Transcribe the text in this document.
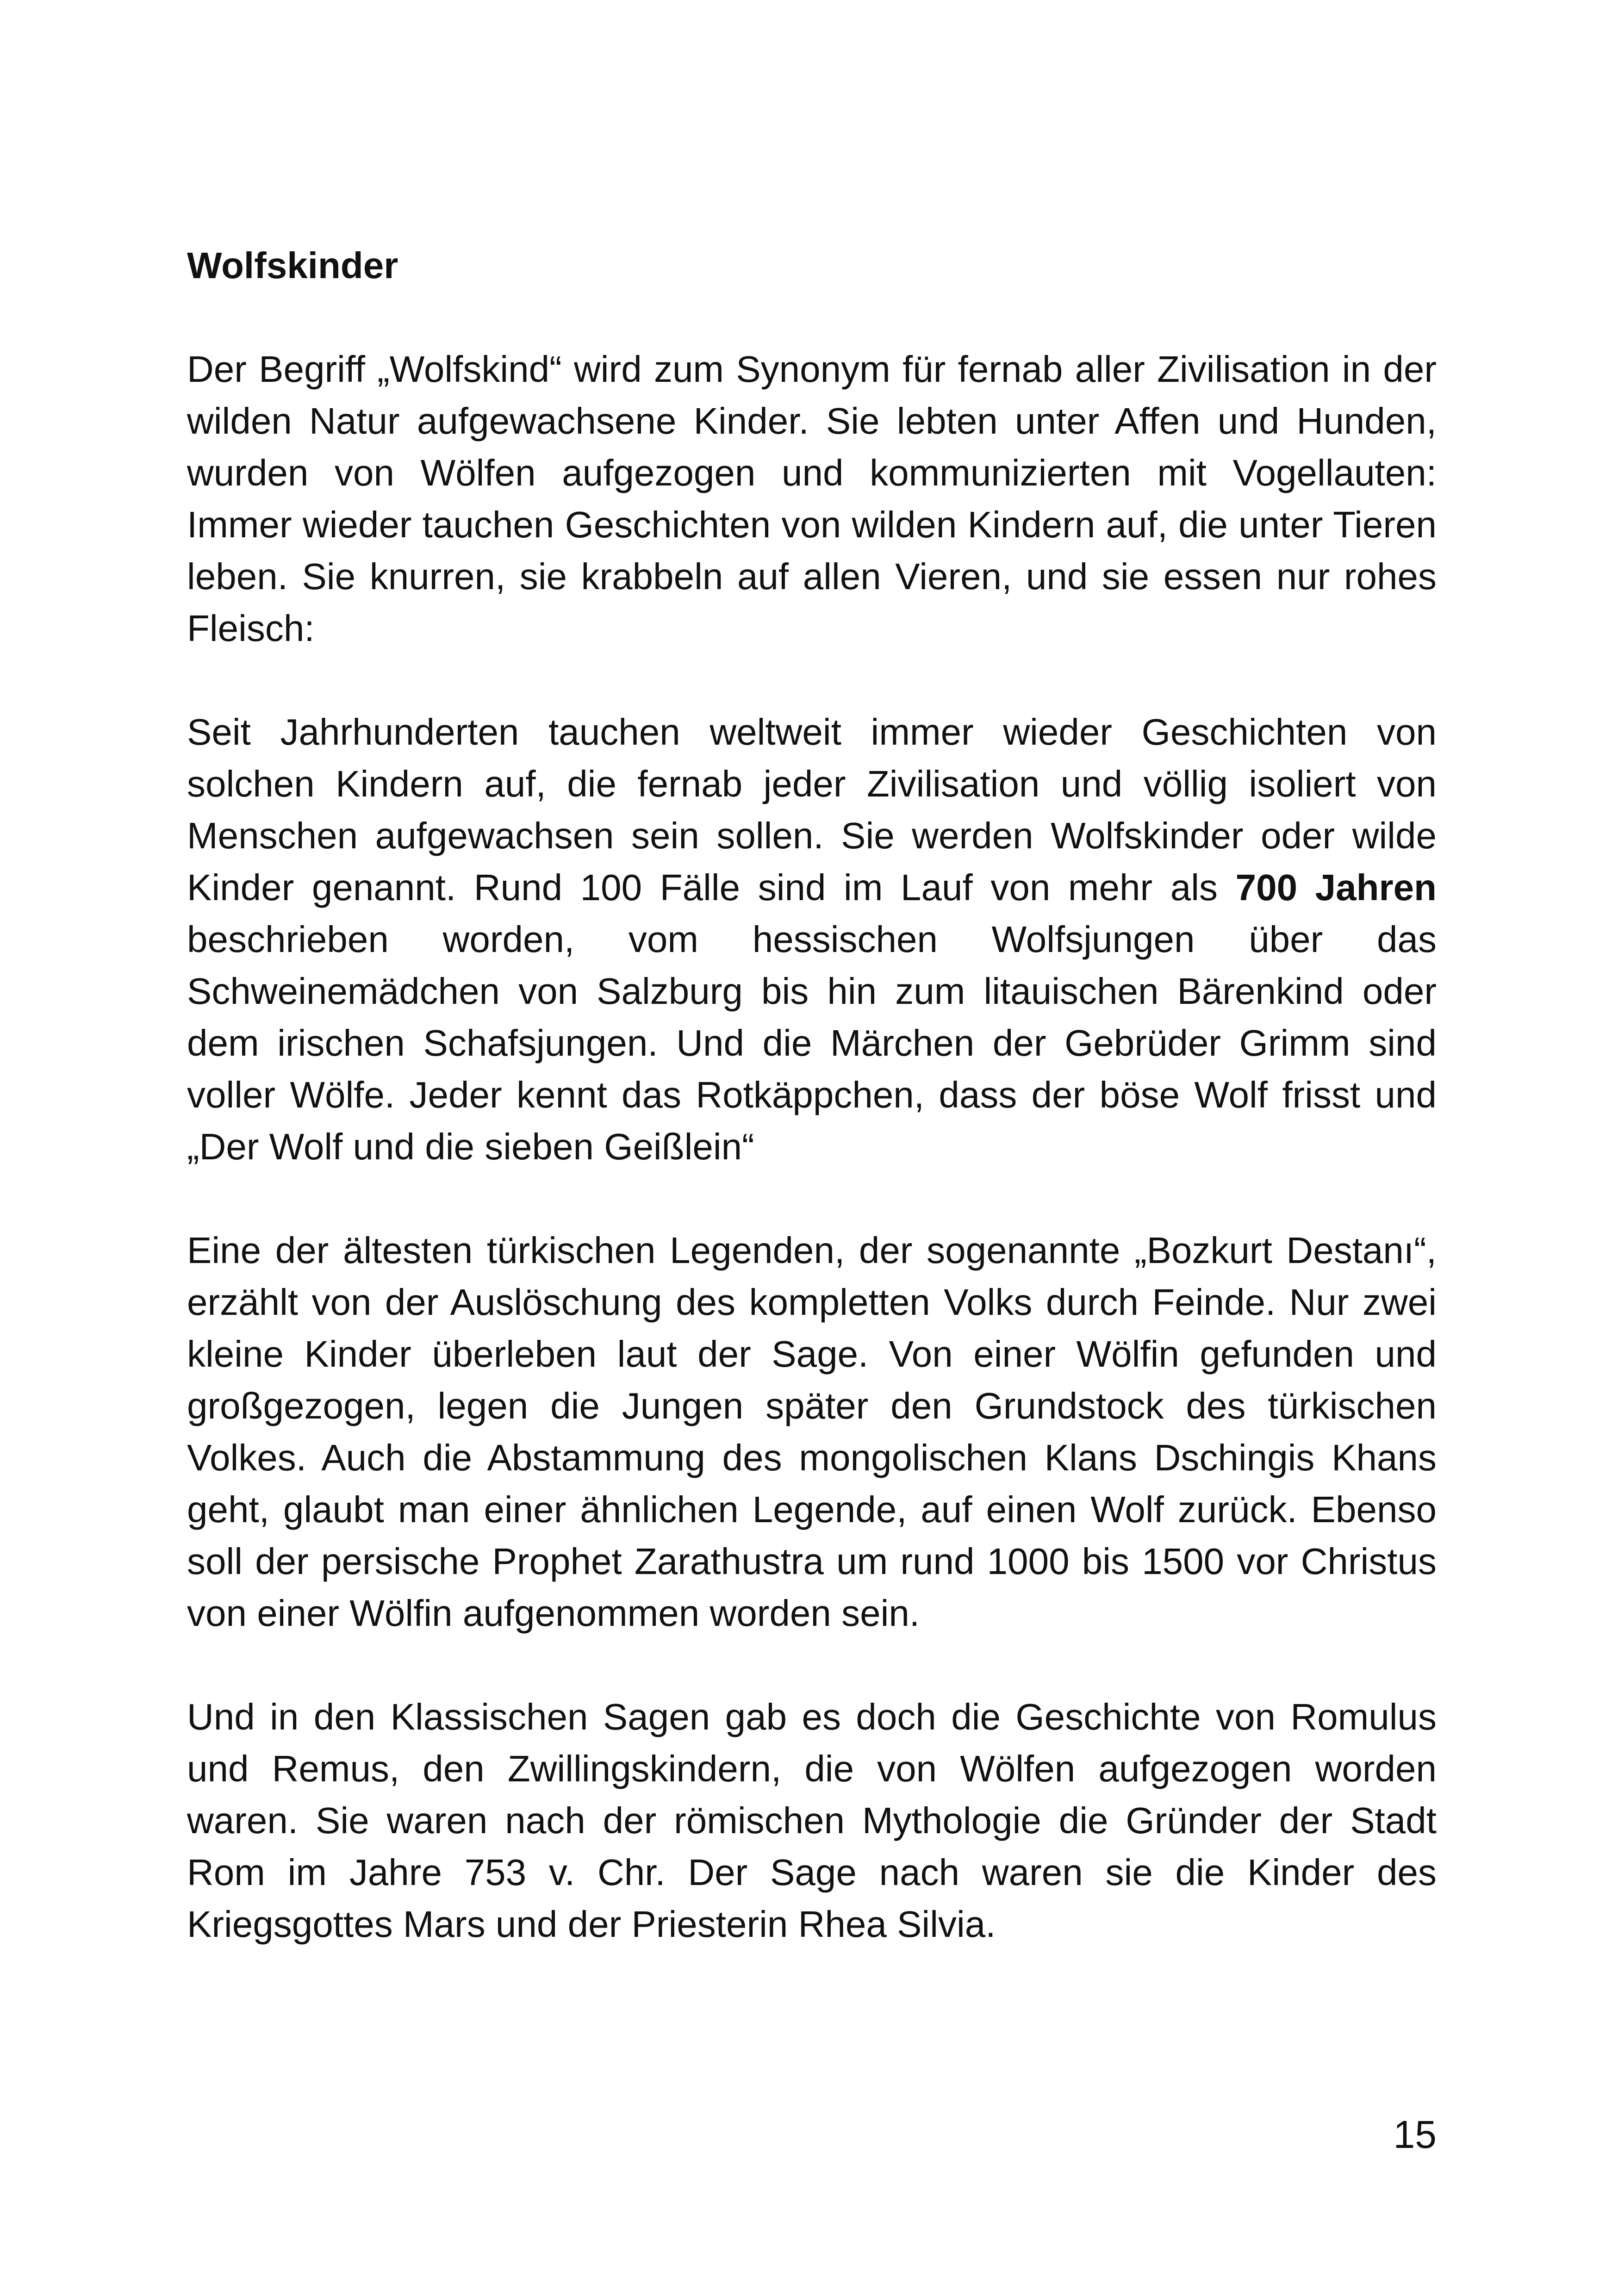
Wolfskinder

Der Begriff „Wolfskind“ wird zum Synonym für fernab aller Zivilisation in der wilden Natur aufgewachsene Kinder. Sie lebten unter Affen und Hunden, wurden von Wölfen aufgezogen und kommunizierten mit Vogellauten: Immer wieder tauchen Geschichten von wilden Kindern auf, die unter Tieren leben. Sie knurren, sie krabbeln auf allen Vieren, und sie essen nur rohes Fleisch:

Seit Jahrhunderten tauchen weltweit immer wieder Geschichten von solchen Kindern auf, die fernab jeder Zivilisation und völlig isoliert von Menschen aufgewachsen sein sollen. Sie werden Wolfskinder oder wilde Kinder genannt. Rund 100 Fälle sind im Lauf von mehr als 700 Jahren beschrieben worden, vom hessischen Wolfsjungen über das Schweinemädchen von Salzburg bis hin zum litauischen Bärenkind oder dem irischen Schafsjungen. Und die Märchen der Gebrüder Grimm sind voller Wölfe. Jeder kennt das Rotkäppchen, dass der böse Wolf frisst und „Der Wolf und die sieben Geißlein“

Eine der ältesten türkischen Legenden, der sogenannte „Bozkurt Destanı“, erzählt von der Auslöschung des kompletten Volks durch Feinde. Nur zwei kleine Kinder überleben laut der Sage. Von einer Wölfin gefunden und großgezogen, legen die Jungen später den Grundstock des türkischen Volkes. Auch die Abstammung des mongolischen Klans Dschingis Khans geht, glaubt man einer ähnlichen Legende, auf einen Wolf zurück. Ebenso soll der persische Prophet Zarathustra um rund 1000 bis 1500 vor Christus von einer Wölfin aufgenommen worden sein.

Und in den Klassischen Sagen gab es doch die Geschichte von Romulus und Remus, den Zwillingskindern, die von Wölfen aufgezogen worden waren. Sie waren nach der römischen Mythologie die Gründer der Stadt Rom im Jahre 753 v. Chr. Der Sage nach waren sie die Kinder des Kriegsgottes Mars und der Priesterin Rhea Silvia.

15
